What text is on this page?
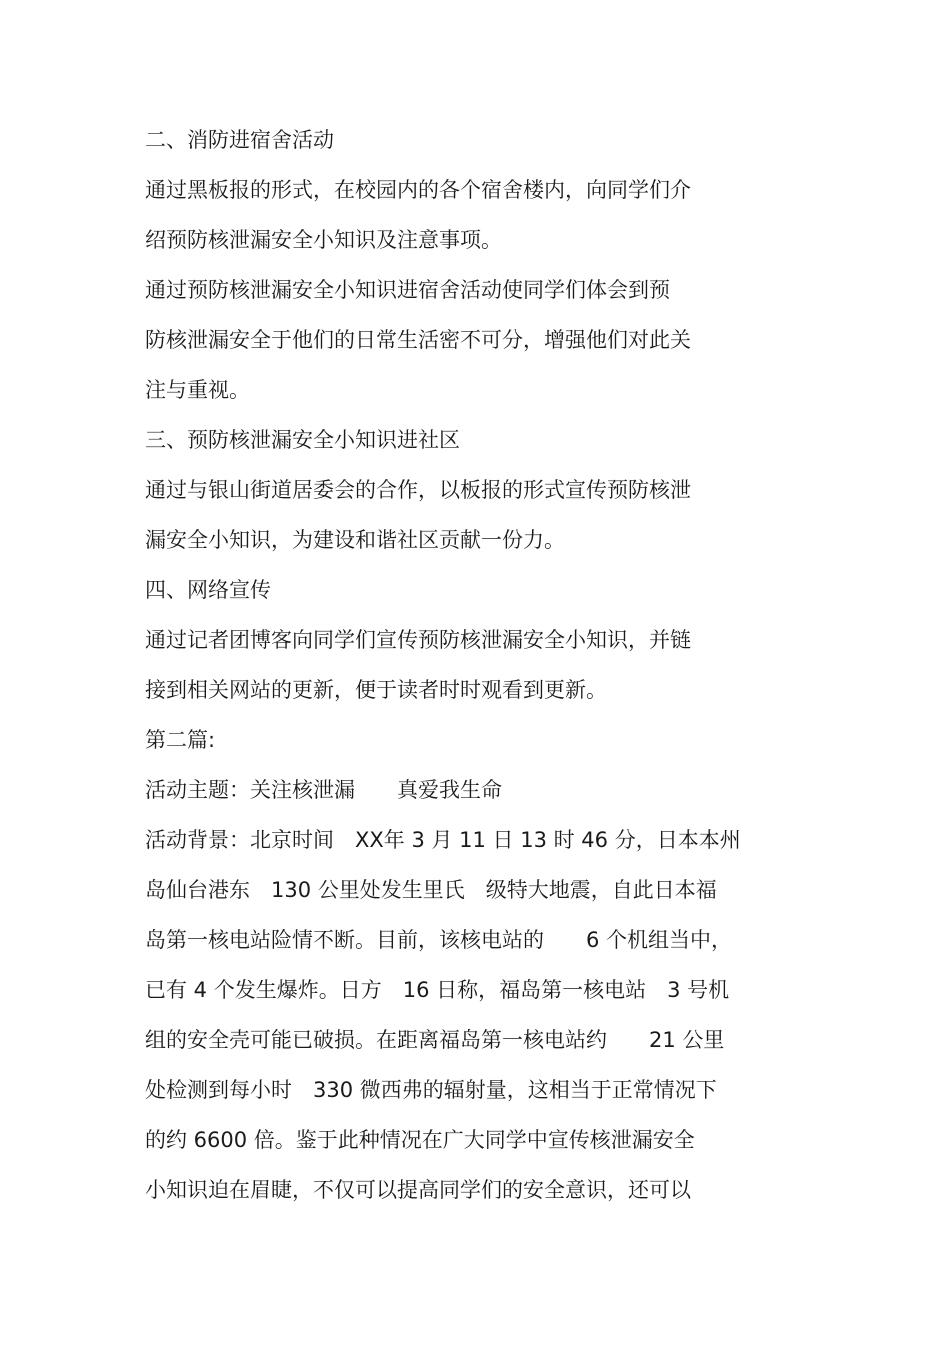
二、消防进宿舍活动
通过黑板报的形式，在校园内的各个宿舍楼内，向同学们介
绍预防核泄漏安全小知识及注意事项。
通过预防核泄漏安全小知识进宿舍活动使同学们体会到预
防核泄漏安全于他们的日常生活密不可分，增强他们对此关
注与重视。
三、预防核泄漏安全小知识进社区
通过与银山街道居委会的合作，以板报的形式宣传预防核泄
漏安全小知识，为建设和谐社区贡献一份力。
四、网络宣传
通过记者团博客向同学们宣传预防核泄漏安全小知识，并链
接到相关网站的更新，便于读者时时观看到更新。
第二篇:
活动主题：关注核泄漏　　真爱我生命
活动背景：北京时间　XX年 3 月 11 日 13 时 46 分，日本本州
岛仙台港东　130 公里处发生里氏　级特大地震，自此日本福
岛第一核电站险情不断。目前，该核电站的　　6 个机组当中，
已有 4 个发生爆炸。日方　16 日称，福岛第一核电站　3 号机
组的安全壳可能已破损。在距离福岛第一核电站约　　21 公里
处检测到每小时　330 微西弗的辐射量，这相当于正常情况下
的约 6600 倍。鉴于此种情况在广大同学中宣传核泄漏安全
小知识迫在眉睫，不仅可以提高同学们的安全意识，还可以
